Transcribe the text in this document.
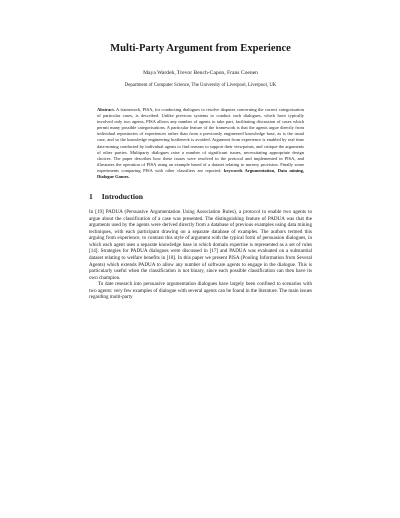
Multi-Party Argument from Experience
Maya Wardeh, Trevor Bench-Capon, Frans Coenen
Department of Computer Science, The University of Liverpool, Liverpool, UK
Abstract. A framework, PISA, for conducting dialogues to resolve disputes concerning the correct categorisation of particular cases, is described. Unlike previous systems to conduct such dialogues, which have typically involved only two agents, PISA allows any number of agents to take part, facilitating discussion of cases which permit many possible categorisations. A particular feature of the framework is that the agents argue directly from individual repositories of experiences rather than from a previously engineered knowledge base, as is the usual case, and so the knowledge engineering bottleneck is avoided. Argument from experience is enabled by real time data-mining conducted by individual agents to find reasons to support their viewpoints, and critique the arguments of other parties. Multiparty dialogues raise a number of significant issues, necessitating appropriate design choices. The paper describes how these issues were resolved in the protocol and implemented in PISA, and illustrates the operation of PISA using an example based of a dataset relating to nursery provision. Finally some experiments comparing PISA with other classifiers are reported. keywords Argumentation, Data mining, Dialogue Games.
1 Introduction

In [19] PADUA (Persuasive Argumentation Using Association Rules), a protocol to enable two agents to argue about the classification of a case was presented. The distinguishing feature of PADUA was that the arguments used by the agents were derived directly from a database of previous examples using data mining techniques, with each participant drawing on a separate database of examples. The authors termed this arguing from experience, to contrast this style of argument with the typical form of persuasion dialogues, in which each agent uses a separate knowledge base in which domain expertise is represented as a set of rules [14]. Strategies for PADUA dialogues were discussed in [17] and PADUA was evaluated on a substantial dataset relating to welfare benefits in [18]. In this paper we present PISA (Pooling Information from Several Agents) which extends PADUA to allow any number of software agents to engage in the dialogue. This is particularly useful when the classification is not binary, since each possible classification can then have its own champion.

To date research into persuasive argumentation dialogues have largely been confined to scenarios with two agents: very few examples of dialogue with several agents can be found in the literature. The main issues regarding multi-party
